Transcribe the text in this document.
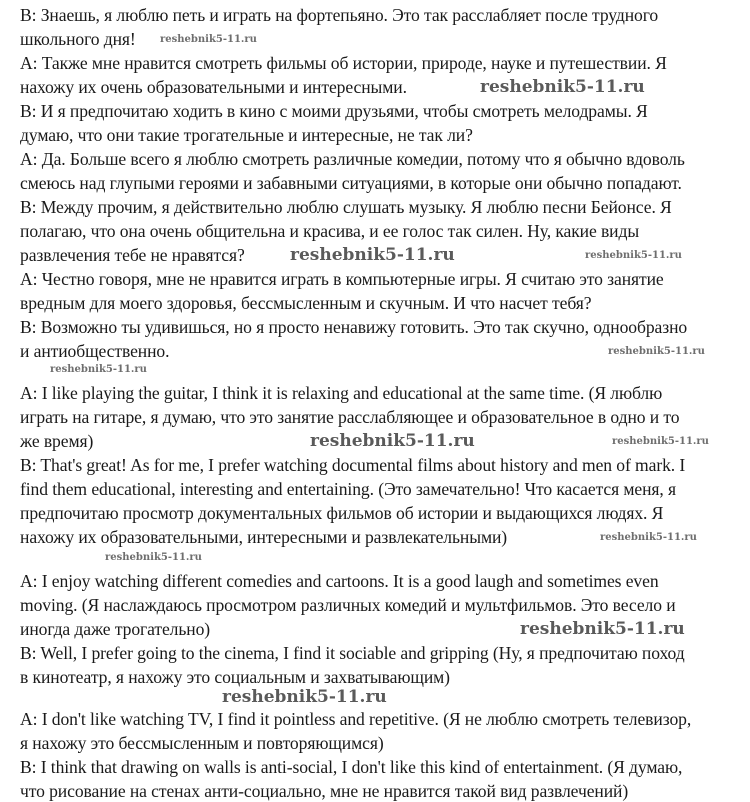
B: Знаешь, я люблю петь и играть на фортепьяно. Это так расслабляет после трудного
школьного дня!
A: Также мне нравится смотреть фильмы об истории, природе, науке и путешествии. Я
нахожу их очень образовательными и интересными.
B: И я предпочитаю ходить в кино с моими друзьями, чтобы смотреть мелодрамы. Я
думаю, что они такие трогательные и интересные, не так ли?
A: Да. Больше всего я люблю смотреть различные комедии, потому что я обычно вдоволь
смеюсь над глупыми героями и забавными ситуациями, в которые они обычно попадают.
B: Между прочим, я действительно люблю слушать музыку. Я люблю песни Бейонсе. Я
полагаю, что она очень общительна и красива, и ее голос так силен. Ну, какие виды
развлечения тебе не нравятся?
A: Честно говоря, мне не нравится играть в компьютерные игры. Я считаю это занятие
вредным для моего здоровья, бессмысленным и скучным. И что насчет тебя?
B: Возможно ты удивишься, но я просто ненавижу готовить. Это так скучно, однообразно
и антиобщественно.
A: I like playing the guitar, I think it is relaxing and educational at the same time. (Я люблю
играть на гитаре, я думаю, что это занятие расслабляющее и образовательное в одно и то
же время)
B: That's great! As for me, I prefer watching documental films about history and men of mark. I
find them educational, interesting and entertaining. (Это замечательно! Что касается меня, я
предпочитаю просмотр документальных фильмов об истории и выдающихся людях. Я
нахожу их образовательными, интересными и развлекательными)
A: I enjoy watching different comedies and cartoons. It is a good laugh and sometimes even
moving. (Я наслаждаюсь просмотром различных комедий и мультфильмов. Это весело и
иногда даже трогательно)
B: Well, I prefer going to the cinema, I find it sociable and gripping (Ну, я предпочитаю поход
в кинотеатр, я нахожу это социальным и захватывающим)
A: I don't like watching TV, I find it pointless and repetitive. (Я не люблю смотреть телевизор,
я нахожу это бессмысленным и повторяющимся)
B: I think that drawing on walls is anti-social, I don't like this kind of entertainment. (Я думаю,
что рисование на стенах анти-социально, мне не нравится такой вид развлечений)
reshebnik5-11.ru
reshebnik5-11.ru
reshebnik5-11.ru	reshebnik5-11.ru
reshebnik5-11.ru
reshebnik5-11.ru
reshebnik5-11.ru	reshebnik5-11.ru
reshebnik5-11.ru
reshebnik5-11.ru
reshebnik5-11.ru
reshebnik5-11.ru
